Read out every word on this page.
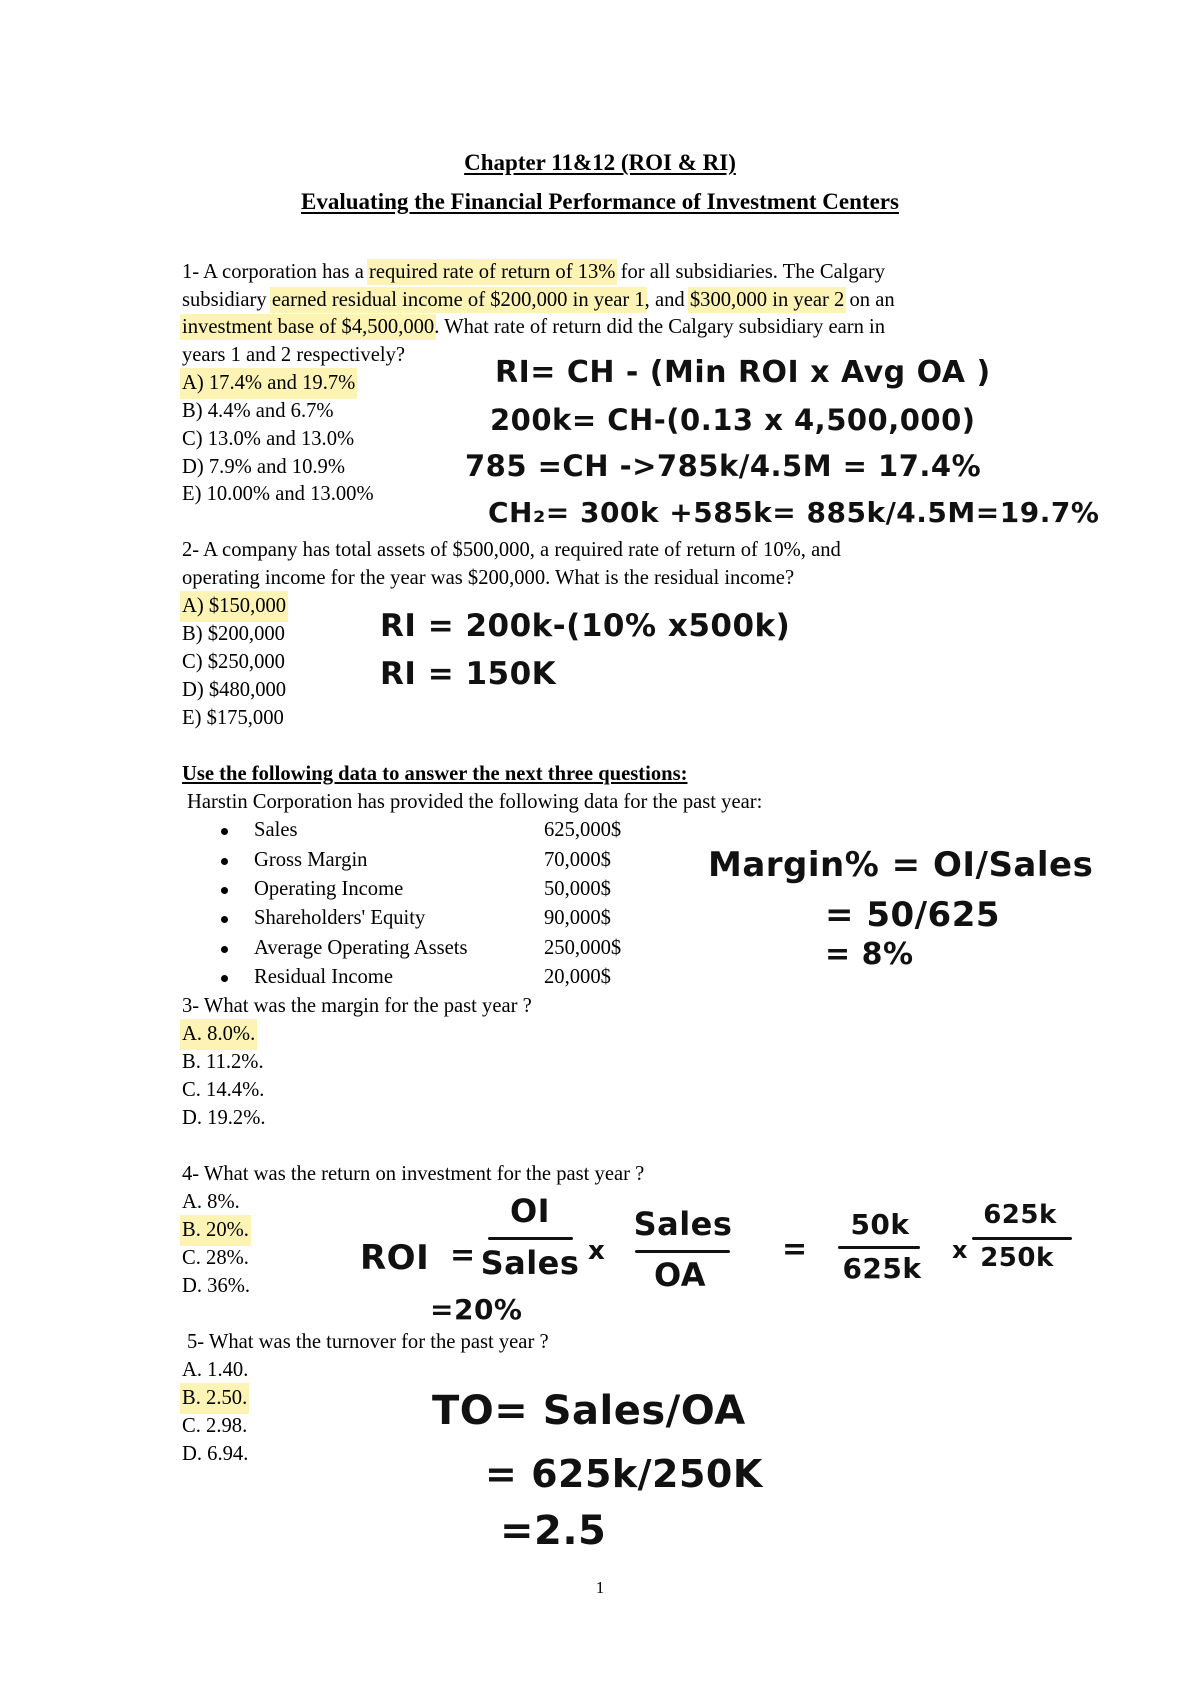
Chapter 11&12 (ROI & RI)
Evaluating the Financial Performance of Investment Centers
1- A corporation has a required rate of return of 13% for all subsidiaries. The Calgary
subsidiary earned residual income of $200,000 in year 1, and $300,000 in year 2 on an
investment base of $4,500,000. What rate of return did the Calgary subsidiary earn in
years 1 and 2 respectively?
A) 17.4% and 19.7%
B) 4.4% and 6.7%
C) 13.0% and 13.0%
D) 7.9% and 10.9%
E) 10.00% and 13.00%
RI= CH - (Min ROI x Avg OA )
200k= CH-(0.13 x 4,500,000)
785 =CH ->785k/4.5M = 17.4%
CH₂= 300k +585k= 885k/4.5M=19.7%
2- A company has total assets of $500,000, a required rate of return of 10%, and
operating income for the year was $200,000. What is the residual income?
A) $150,000
B) $200,000
C) $250,000
D) $480,000
E) $175,000
RI = 200k-(10% x500k)
RI = 150K
Use the following data to answer the next three questions:
Harstin Corporation has provided the following data for the past year:
Sales	625,000$
Gross Margin	70,000$
Operating Income	50,000$
Shareholders' Equity	90,000$
Average Operating Assets	250,000$
Residual Income	20,000$
Margin% = OI/Sales
= 50/625
= 8%
3- What was the margin for the past year ?
A. 8.0%.
B. 11.2%.
C. 14.4%.
D. 19.2%.
4- What was the return on investment for the past year ?
A. 8%.
B. 20%.
C. 28%.
D. 36%.
ROI =
OI
Sales x
Sales
OA
=
50k
625k
x
625k
250k
=20%
5- What was the turnover for the past year ?
A. 1.40.
B. 2.50.
C. 2.98.
D. 6.94.
TO= Sales/OA
= 625k/250K
=2.5
1
